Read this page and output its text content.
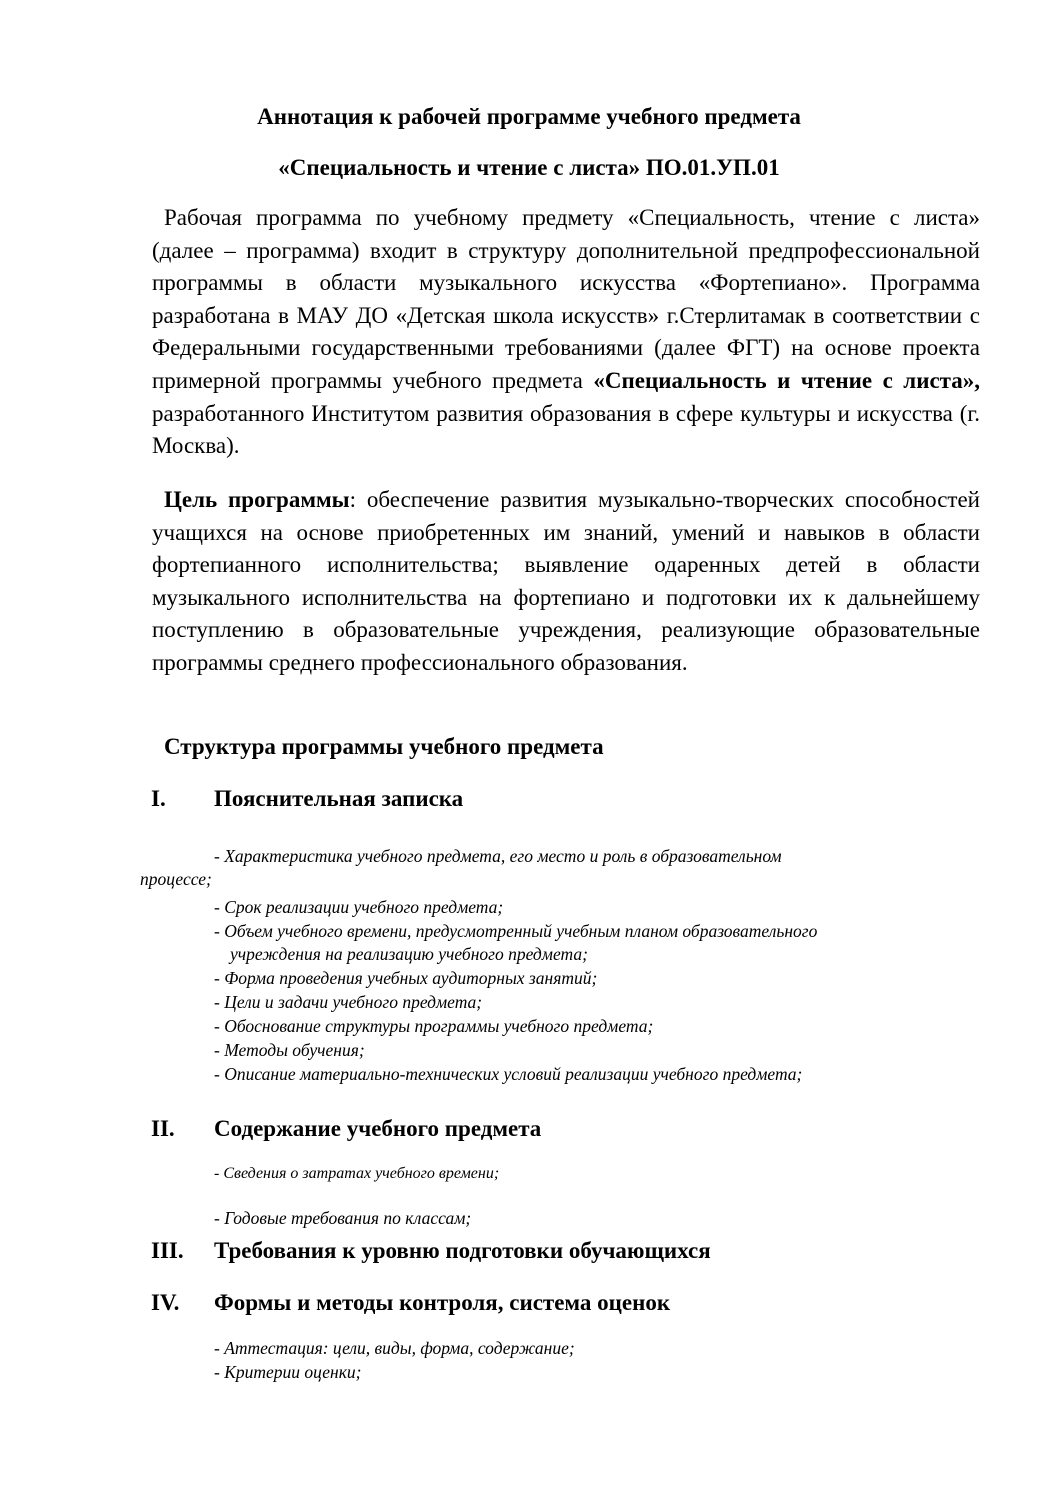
Аннотация к рабочей программе учебного предмета

«Специальность и чтение с листа» ПО.01.УП.01

Рабочая программа по учебному предмету «Специальность, чтение с листа» (далее – программа) входит в структуру дополнительной предпрофессиональной программы в области музыкального искусства «Фортепиано». Программа разработана в МАУ ДО «Детская школа искусств» г.Стерлитамак в соответствии с Федеральными государственными требованиями (далее ФГТ) на основе проекта примерной программы учебного предмета «Специальность и чтение с листа», разработанного Институтом развития образования в сфере культуры и искусства (г. Москва).

Цель программы: обеспечение развития музыкально-творческих способностей учащихся на основе приобретенных им знаний, умений и навыков в области фортепианного исполнительства; выявление одаренных детей в области музыкального исполнительства на фортепиано и подготовки их к дальнейшему поступлению в образовательные учреждения, реализующие образовательные программы среднего профессионального образования.

Структура программы учебного предмета

I. Пояснительная записка
- Характеристика учебного предмета, его место и роль в образовательном
процессе;
- Срок реализации учебного предмета;
- Объем учебного времени, предусмотренный учебным планом образовательного
учреждения на реализацию учебного предмета;
- Форма проведения учебных аудиторных занятий;
- Цели и задачи учебного предмета;
- Обоснование структуры программы учебного предмета;
- Методы обучения;
- Описание материально-технических условий реализации учебного предмета;
II. Содержание учебного предмета
- Сведения о затратах учебного времени;
- Годовые требования по классам;
III. Требования к уровню подготовки обучающихся
IV. Формы и методы контроля, система оценок
- Аттестация: цели, виды, форма, содержание;
- Критерии оценки;
